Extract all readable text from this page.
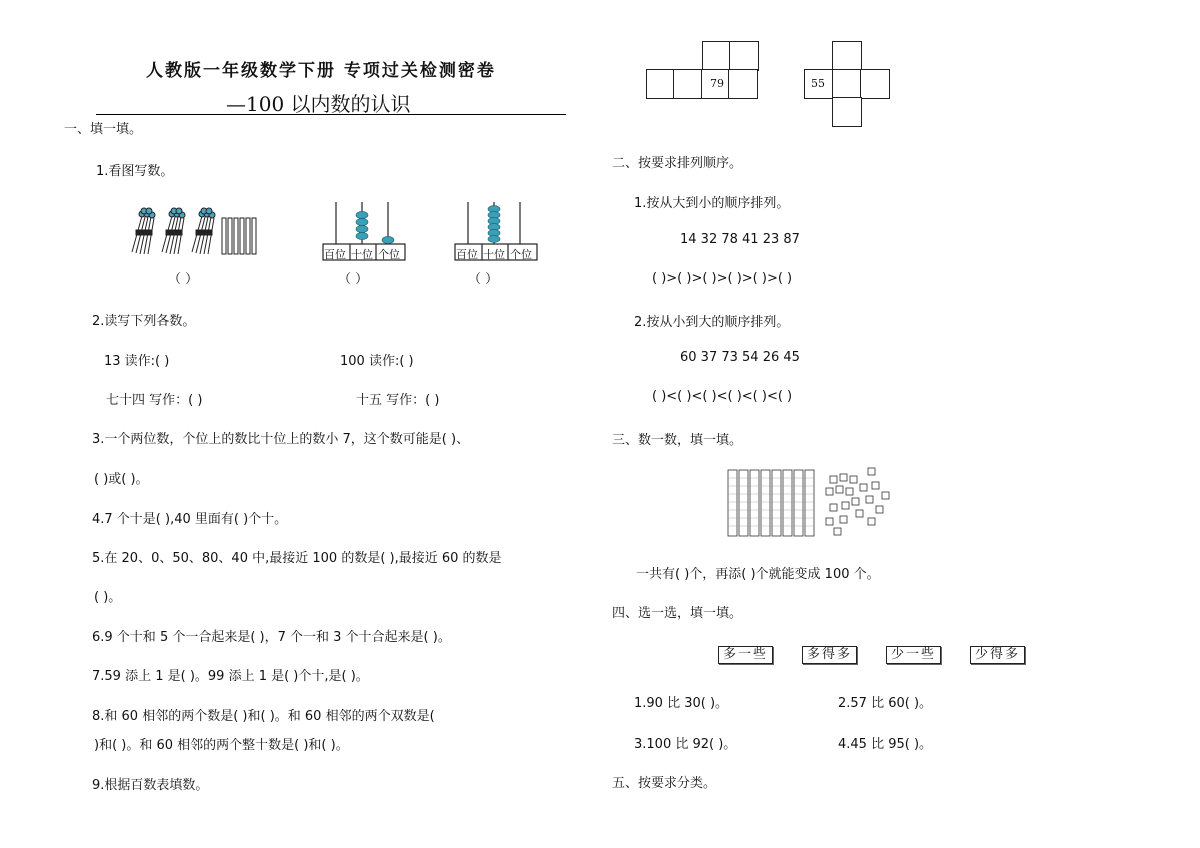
人教版一年级数学下册 专项过关检测密卷
—100 以内数的认识
一、填一填。
1.看图写数。
（ ）
百位 十位 个位
（ ）
百位 十位 个位
（ ）
2.读写下列各数。
13 读作:( )	100 读作:( )
七十四 写作：( )	十五 写作：( )
3.一个两位数，个位上的数比十位上的数小 7，这个数可能是( )、
( )或( )。
4.7 个十是( ),40 里面有( )个十。
5.在 20、0、50、80、40 中,最接近 100 的数是( ),最接近 60 的数是
( )。
6.9 个十和 5 个一合起来是( )，7 个一和 3 个十合起来是( )。
7.59 添上 1 是( )。99 添上 1 是( )个十,是( )。
8.和 60 相邻的两个数是( )和( )。和 60 相邻的两个双数是(
)和( )。和 60 相邻的两个整十数是( )和( )。
9.根据百数表填数。
79	55
二、按要求排列顺序。
1.按从大到小的顺序排列。
14 32 78 41 23 87
( )>( )>( )>( )>( )>( )
2.按从小到大的顺序排列。
60 37 73 54 26 45
( )<( )<( )<( )<( )<( )
三、数一数，填一填。
一共有( )个，再添( )个就能变成 100 个。
四、选一选，填一填。
多一些	多得多	少一些	少得多
1.90 比 30( )。	2.57 比 60( )。
3.100 比 92( )。	4.45 比 95( )。
五、按要求分类。
